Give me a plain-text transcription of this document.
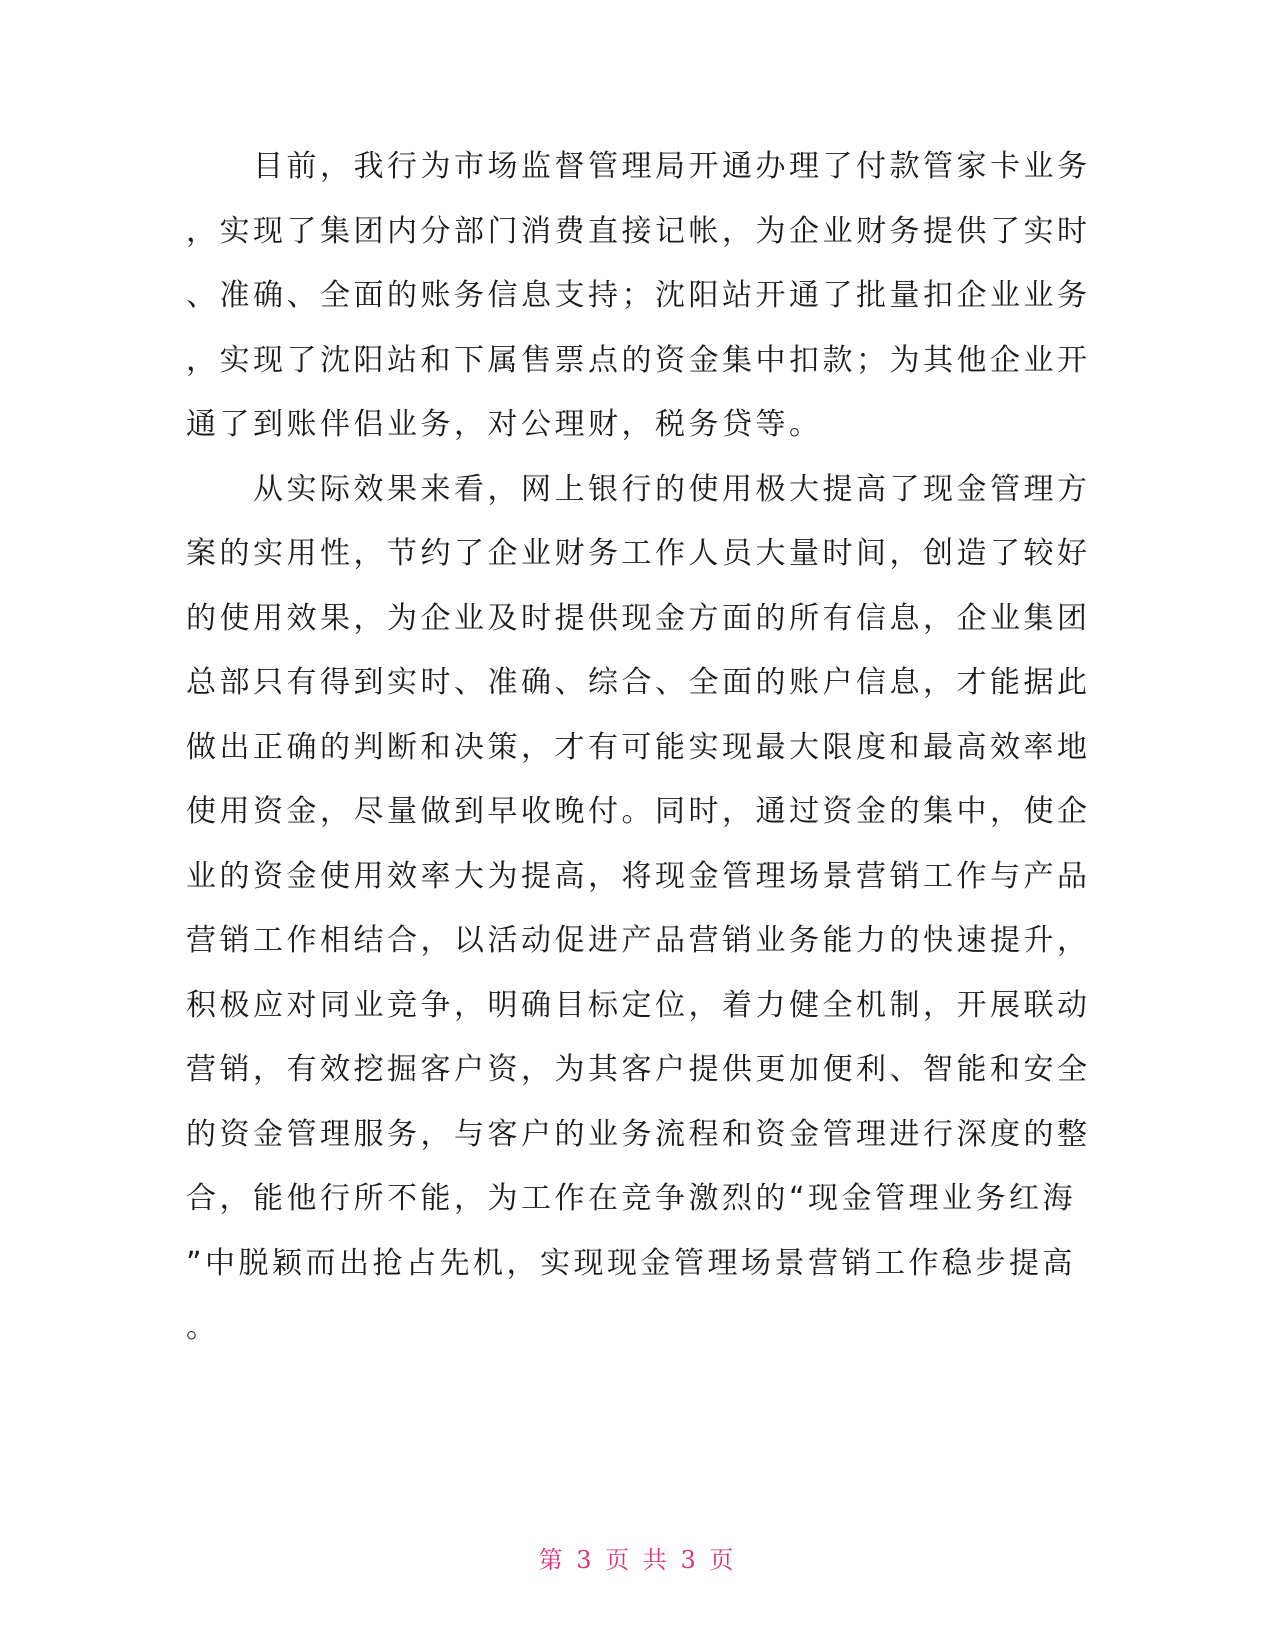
　　目前，我行为市场监督管理局开通办理了付款管家卡业务
，实现了集团内分部门消费直接记帐，为企业财务提供了实时
、准确、全面的账务信息支持；沈阳站开通了批量扣企业业务
，实现了沈阳站和下属售票点的资金集中扣款；为其他企业开
通了到账伴侣业务，对公理财，税务贷等。
　　从实际效果来看，网上银行的使用极大提高了现金管理方
案的实用性，节约了企业财务工作人员大量时间，创造了较好
的使用效果，为企业及时提供现金方面的所有信息，企业集团
总部只有得到实时、准确、综合、全面的账户信息，才能据此
做出正确的判断和决策，才有可能实现最大限度和最高效率地
使用资金，尽量做到早收晚付。同时，通过资金的集中，使企
业的资金使用效率大为提高，将现金管理场景营销工作与产品
营销工作相结合，以活动促进产品营销业务能力的快速提升，
积极应对同业竞争，明确目标定位，着力健全机制，开展联动
营销，有效挖掘客户资，为其客户提供更加便利、智能和安全
的资金管理服务，与客户的业务流程和资金管理进行深度的整
合，能他行所不能，为工作在竞争激烈的“现金管理业务红海
”中脱颖而出抢占先机，实现现金管理场景营销工作稳步提高
。
第 3 页 共 3 页
